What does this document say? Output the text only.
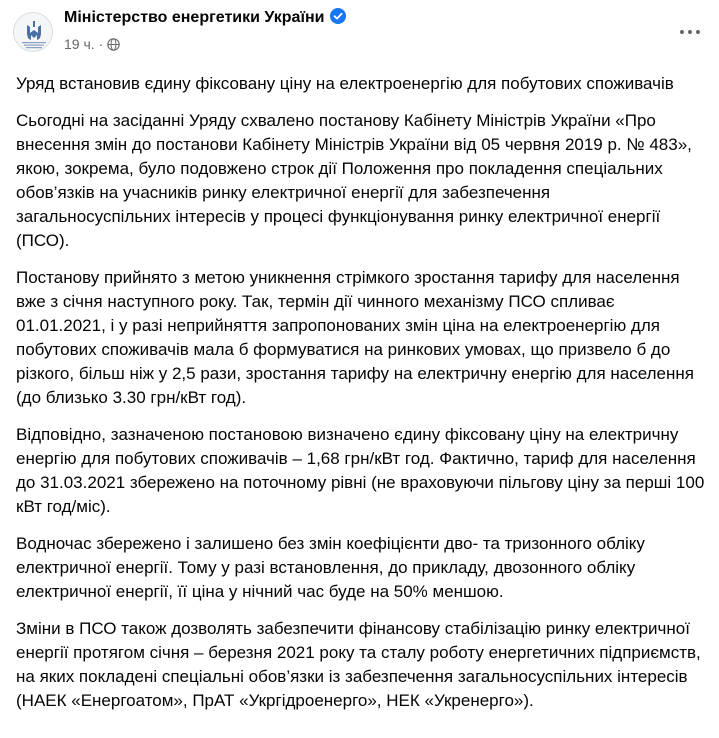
Міністерство енергетики України
19 ч. ·

Уряд встановив єдину фіксовану ціну на електроенергію для побутових споживачів

Сьогодні на засіданні Уряду схвалено постанову Кабінету Міністрів України «Про внесення змін до постанови Кабінету Міністрів України від 05 червня 2019 р. № 483», якою, зокрема, було подовжено строк дії Положення про покладення спеціальних обов’язків на учасників ринку електричної енергії для забезпечення загальносуспільних інтересів у процесі функціонування ринку електричної енергії (ПСО).

Постанову прийнято з метою уникнення стрімкого зростання тарифу для населення вже з січня наступного року. Так, термін дії чинного механізму ПСО спливає 01.01.2021, і у разі неприйняття запропонованих змін ціна на електроенергію для побутових споживачів мала б формуватися на ринкових умовах, що призвело б до різкого, більш ніж у 2,5 рази, зростання тарифу на електричну енергію для населення (до близько 3.30 грн/кВт год).

Відповідно, зазначеною постановою визначено єдину фіксовану ціну на електричну енергію для побутових споживачів – 1,68 грн/кВт год. Фактично, тариф для населення до 31.03.2021 збережено на поточному рівні (не враховуючи пільгову ціну за перші 100 кВт год/міс).

Водночас збережено і залишено без змін коефіцієнти дво- та тризонного обліку електричної енергії. Тому у разі встановлення, до прикладу, двозонного обліку електричної енергії, її ціна у нічний час буде на 50% меншою.

Зміни в ПСО також дозволять забезпечити фінансову стабілізацію ринку електричної енергії протягом січня – березня 2021 року та сталу роботу енергетичних підприємств, на яких покладені спеціальні обов’язки із забезпечення загальносуспільних інтересів (НАЕК «Енергоатом», ПрАТ «Укргідроенерго», НЕК «Укренерго»).
